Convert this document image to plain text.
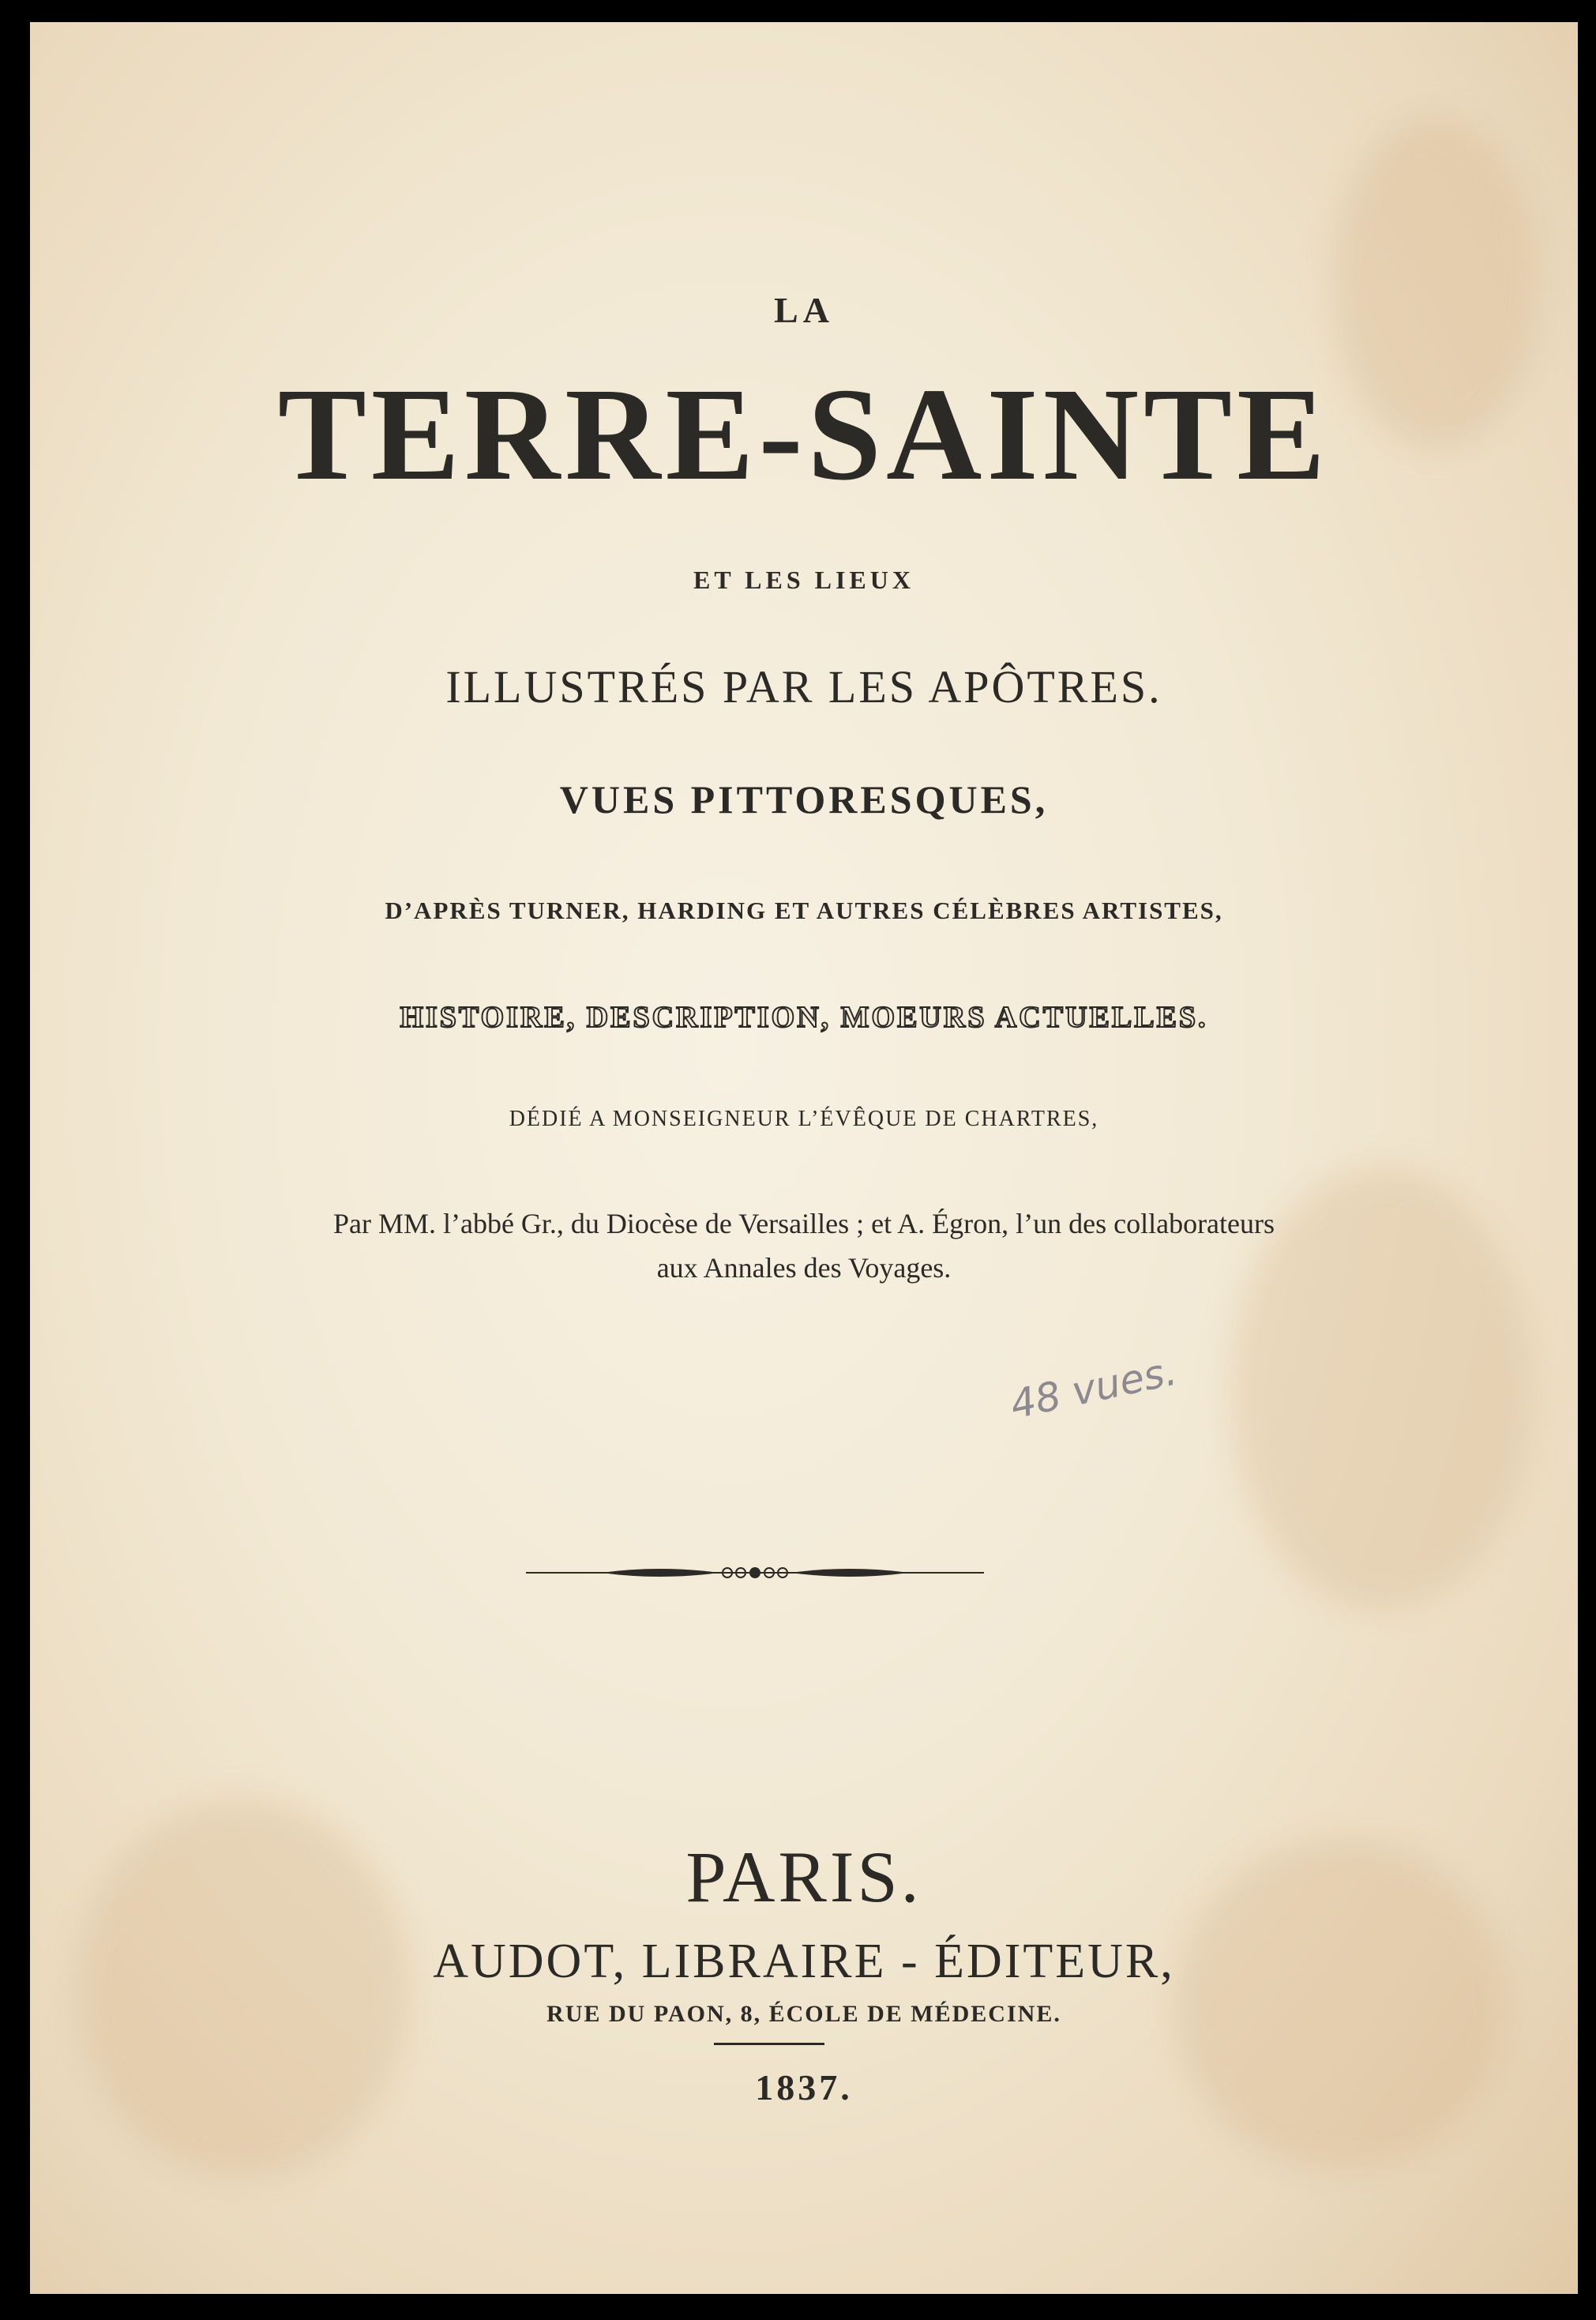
LA
TERRE-SAINTE
ET LES LIEUX
ILLUSTRÉS PAR LES APÔTRES.
VUES PITTORESQUES,
D’APRÈS TURNER, HARDING ET AUTRES CÉLÈBRES ARTISTES,
HISTOIRE, DESCRIPTION, MOEURS ACTUELLES.
DÉDIÉ A MONSEIGNEUR L’ÉVÊQUE DE CHARTRES,
Par MM. l’abbé Gr., du Diocèse de Versailles ; et A. Égron, l’un des collaborateurs
aux Annales des Voyages.
48 vues.
PARIS.
AUDOT, LIBRAIRE - ÉDITEUR,
RUE DU PAON, 8, ÉCOLE DE MÉDECINE.
1837.
